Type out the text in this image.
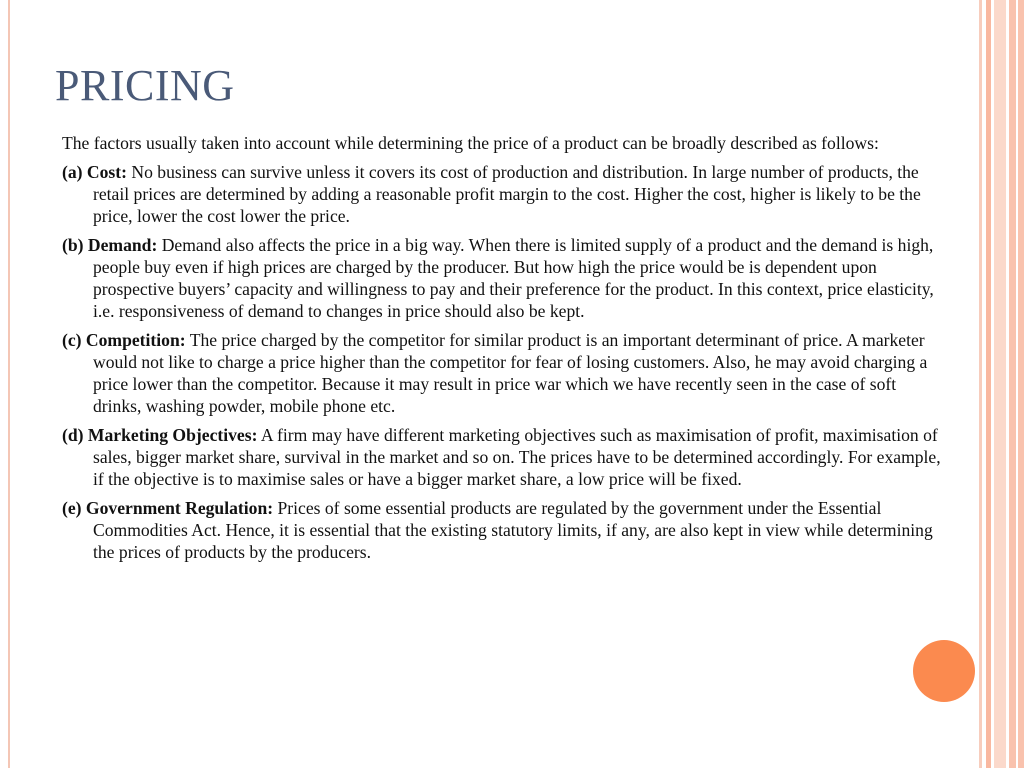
PRICING

The factors usually taken into account while determining the price of a product can be broadly described as follows:

(a) Cost: No business can survive unless it covers its cost of production and distribution. In large number of products, the retail prices are determined by adding a reasonable profit margin to the cost. Higher the cost, higher is likely to be the price, lower the cost lower the price.

(b) Demand: Demand also affects the price in a big way. When there is limited supply of a product and the demand is high, people buy even if high prices are charged by the producer. But how high the price would be is dependent upon prospective buyers’ capacity and willingness to pay and their preference for the product. In this context, price elasticity, i.e. responsiveness of demand to changes in price should also be kept.

(c) Competition: The price charged by the competitor for similar product is an important determinant of price. A marketer would not like to charge a price higher than the competitor for fear of losing customers. Also, he may avoid charging a price lower than the competitor. Because it may result in price war which we have recently seen in the case of soft drinks, washing powder, mobile phone etc.

(d) Marketing Objectives: A firm may have different marketing objectives such as maximisation of profit, maximisation of sales, bigger market share, survival in the market and so on. The prices have to be determined accordingly. For example, if the objective is to maximise sales or have a bigger market share, a low price will be fixed.

(e) Government Regulation: Prices of some essential products are regulated by the government under the Essential Commodities Act. Hence, it is essential that the existing statutory limits, if any, are also kept in view while determining the prices of products by the producers.
